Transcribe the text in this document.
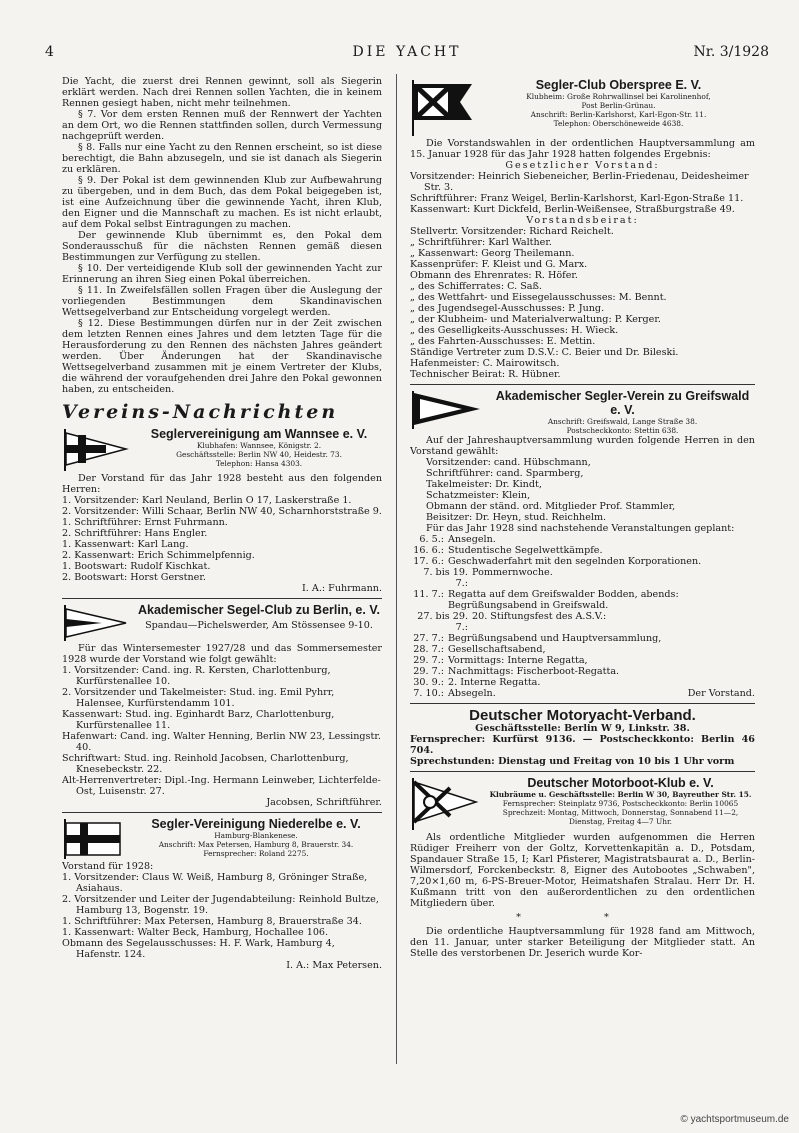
4	DIE YACHT	Nr. 3/1928

Die Yacht, die zuerst drei Rennen gewinnt, soll als Siegerin erklärt werden. Nach drei Rennen sollen Yachten, die in keinem Rennen gesiegt haben, nicht mehr teilnehmen.

§ 7. Vor dem ersten Rennen muß der Rennwert der Yachten an dem Ort, wo die Rennen stattfinden sollen, durch Vermessung nachgeprüft werden.

§ 8. Falls nur eine Yacht zu den Rennen erscheint, so ist diese berechtigt, die Bahn abzusegeln, und sie ist danach als Siegerin zu erklären.

§ 9. Der Pokal ist dem gewinnenden Klub zur Aufbewahrung zu übergeben, und in dem Buch, das dem Pokal beigegeben ist, ist eine Aufzeichnung über die gewinnende Yacht, ihren Klub, den Eigner und die Mannschaft zu machen. Es ist nicht erlaubt, auf dem Pokal selbst Eintragungen zu machen.

Der gewinnende Klub übernimmt es, den Pokal dem Sonderausschuß für die nächsten Rennen gemäß diesen Bestimmungen zur Verfügung zu stellen.

§ 10. Der verteidigende Klub soll der gewinnenden Yacht zur Erinnerung an ihren Sieg einen Pokal überreichen.

§ 11. In Zweifelsfällen sollen Fragen über die Auslegung der vorliegenden Bestimmungen dem Skandinavischen Wettsegelverband zur Entscheidung vorgelegt werden.

§ 12. Diese Bestimmungen dürfen nur in der Zeit zwischen dem letzten Rennen eines Jahres und dem letzten Tage für die Herausforderung zu den Rennen des nächsten Jahres geändert werden. Über Änderungen hat der Skandinavische Wettsegelverband zusammen mit je einem Vertreter der Klubs, die während der voraufgehenden drei Jahre den Pokal gewonnen haben, zu entscheiden.

Vereins-Nachrichten
Seglervereinigung am Wannsee e. V.
Klubhafen: Wannsee, Königstr. 2.
Geschäftsstelle: Berlin NW 40, Heidestr. 73.
Telephon: Hansa 4303.

Der Vorstand für das Jahr 1928 besteht aus den folgenden Herren:

1. Vorsitzender: Karl Neuland, Berlin O 17, Laskerstraße 1.

2. Vorsitzender: Willi Schaar, Berlin NW 40, Scharnhorststraße 9.

1. Schriftführer: Ernst Fuhrmann.

2. Schriftführer: Hans Engler.

1. Kassenwart: Karl Lang.

2. Kassenwart: Erich Schimmelpfennig.

1. Bootswart: Rudolf Kischkat.

2. Bootswart: Horst Gerstner.

I. A.: Fuhrmann.

Akademischer Segel-Club zu Berlin, e. V.
Spandau—Pichelswerder, Am Stössensee 9-10.

Für das Wintersemester 1927/28 und das Sommersemester 1928 wurde der Vorstand wie folgt gewählt:

1. Vorsitzender: Cand. ing. R. Kersten, Charlottenburg, Kurfürstenallee 10.

2. Vorsitzender und Takelmeister: Stud. ing. Emil Pyhrr, Halensee, Kurfürstendamm 101.

Kassenwart: Stud. ing. Eginhardt Barz, Charlottenburg, Kurfürstenallee 11.

Hafenwart: Cand. ing. Walter Henning, Berlin NW 23, Lessingstr. 40.

Schriftwart: Stud. ing. Reinhold Jacobsen, Charlottenburg, Knesebeckstr. 22.

Alt-Herrenvertreter: Dipl.-Ing. Hermann Leinweber, Lichterfelde-Ost, Luisenstr. 27.

Jacobsen, Schriftführer.

Segler-Vereinigung Niederelbe e. V.
Hamburg-Blankenese.
Anschrift: Max Petersen, Hamburg 8, Brauerstr. 34.
Fernsprecher: Roland 2275.

Vorstand für 1928:

1. Vorsitzender: Claus W. Weiß, Hamburg 8, Gröninger Straße, Asiahaus.

2. Vorsitzender und Leiter der Jugendabteilung: Reinhold Bultze, Hamburg 13, Bogenstr. 19.

1. Schriftführer: Max Petersen, Hamburg 8, Brauerstraße 34.

1. Kassenwart: Walter Beck, Hamburg, Hochallee 106.

Obmann des Segelausschusses: H. F. Wark, Hamburg 4, Hafenstr. 124.

I. A.: Max Petersen.

Segler-Club Oberspree E. V.
Klubheim: Große Rohrwallinsel bei Karolinenhof,
Post Berlin-Grünau.
Anschrift: Berlin-Karlshorst, Karl-Egon-Str. 11.
Telephon: Oberschöneweide 4638.

Die Vorstandswahlen in der ordentlichen Hauptversammlung am 15. Januar 1928 für das Jahr 1928 hatten folgendes Ergebnis:

Gesetzlicher Vorstand:

Vorsitzender: Heinrich Siebeneicher, Berlin-Friedenau, Deidesheimer Str. 3.

Schriftführer: Franz Weigel, Berlin-Karlshorst, Karl-Egon-Straße 11.

Kassenwart: Kurt Dickfeld, Berlin-Weißensee, Straßburgstraße 49.

Vorstandsbeirat:

Stellvertr. Vorsitzender: Richard Reichelt.

„ Schriftführer: Karl Walther.

„ Kassenwart: Georg Theilemann.

Kassenprüfer: F. Kleist und G. Marx.

Obmann des Ehrenrates: R. Höfer.

„ des Schifferrates: C. Saß.

„ des Wettfahrt- und Eissegelausschusses: M. Bennt.

„ des Jugendsegel-Ausschusses: P. Jung.

„ der Klubheim- und Materialverwaltung: P. Kerger.

„ des Geselligkeits-Ausschusses: H. Wieck.

„ des Fahrten-Ausschusses: E. Mettin.

Ständige Vertreter zum D.S.V.: C. Beier und Dr. Bileski.

Hafenmeister: C. Mairowitsch.

Technischer Beirat: R. Hübner.

Akademischer Segler-Verein zu Greifswald e. V.
Anschrift: Greifswald, Lange Straße 38.
Postscheckkonto: Stettin 638.

Auf der Jahreshauptversammlung wurden folgende Herren in den Vorstand gewählt:

Vorsitzender: cand. Hübschmann,

Schriftführer: cand. Sparmberg,

Takelmeister: Dr. Kindt,

Schatzmeister: Klein,

Obmann der ständ. ord. Mitglieder Prof. Stammler,

Beisitzer: Dr. Heyn, stud. Reichhelm.

Für das Jahr 1928 sind nachstehende Veranstaltungen geplant:

6. 5.: Ansegeln.
16. 6.: Studentische Segelwettkämpfe.
17. 6.: Geschwaderfahrt mit den segelnden Korporationen.
7. bis 19. 7.:
Pommernwoche.
11. 7.: Regatta auf dem Greifswalder Bodden, abends: Begrüßungsabend in Greifswald.
27. bis 29. 7.:
20. Stiftungsfest des A.S.V.:
27. 7.: Begrüßungsabend und Hauptversammlung,
28. 7.: Gesellschaftsabend,
29. 7.: Vormittags: Interne Regatta,
29. 7.: Nachmittags: Fischerboot-Regatta.
30. 9.: 2. Interne Regatta.
7. 10.: Absegeln.	Der Vorstand.
Deutscher Motoryacht-Verband.

Geschäftsstelle: Berlin W 9, Linkstr. 38.

Fernsprecher: Kurfürst 9136. — Postscheckkonto: Berlin 46 704.

Sprechstunden: Dienstag und Freitag von 10 bis 1 Uhr vorm

Deutscher Motorboot-Klub e. V.
Klubräume u. Geschäftsstelle: Berlin W 30, Bayreuther Str. 15.
Fernsprecher: Steinplatz 9736, Postscheckkonto: Berlin 10065
Sprechzeit: Montag, Mittwoch, Donnerstag, Sonnabend 11—2, Dienstag, Freitag 4—7 Uhr.

Als ordentliche Mitglieder wurden aufgenommen die Herren Rüdiger Freiherr von der Goltz, Korvettenkapitän a. D., Potsdam, Spandauer Straße 15, I; Karl Pfisterer, Magistratsbaurat a. D., Berlin-Wilmersdorf, Forckenbeckstr. 8, Eigner des Autobootes „Schwaben", 7,20×1,60 m, 6-PS-Breuer-Motor, Heimatshafen Stralau. Herr Dr. H. Kußmann tritt von den außerordentlichen zu den ordentlichen Mitgliedern über.

* *

Die ordentliche Hauptversammlung für 1928 fand am Mittwoch, den 11. Januar, unter starker Beteiligung der Mitglieder statt. An Stelle des verstorbenen Dr. Jeserich wurde Kor-

© yachtsportmuseum.de
